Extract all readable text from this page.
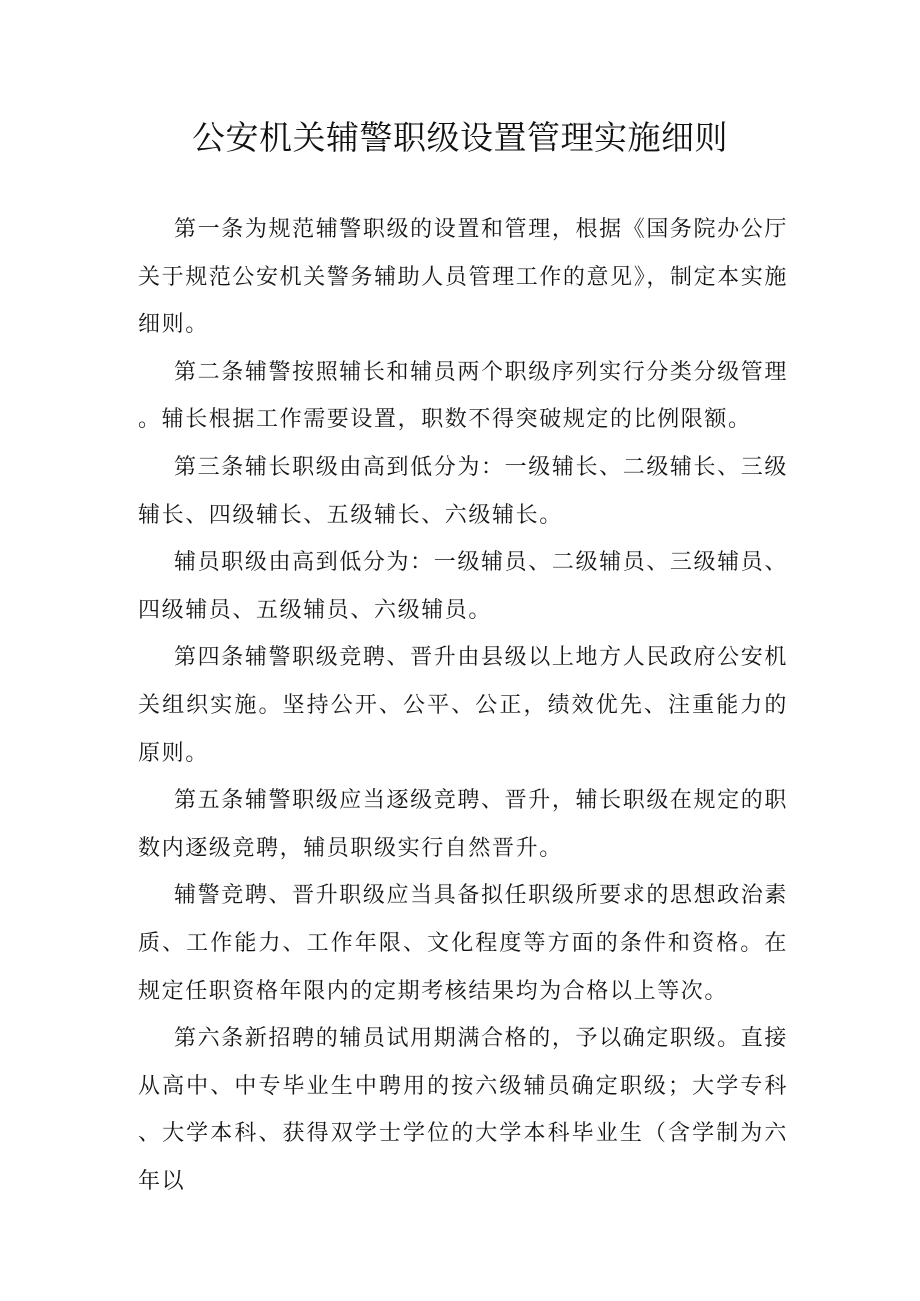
公安机关辅警职级设置管理实施细则

第一条为规范辅警职级的设置和管理，根据《国务院办公厅关于规范公安机关警务辅助人员管理工作的意见》，制定本实施细则。

第二条辅警按照辅长和辅员两个职级序列实行分类分级管理。辅长根据工作需要设置，职数不得突破规定的比例限额。

第三条辅长职级由高到低分为：一级辅长、二级辅长、三级辅长、四级辅长、五级辅长、六级辅长。

辅员职级由高到低分为：一级辅员、二级辅员、三级辅员、四级辅员、五级辅员、六级辅员。

第四条辅警职级竞聘、晋升由县级以上地方人民政府公安机关组织实施。坚持公开、公平、公正，绩效优先、注重能力的原则。

第五条辅警职级应当逐级竞聘、晋升，辅长职级在规定的职数内逐级竞聘，辅员职级实行自然晋升。

辅警竞聘、晋升职级应当具备拟任职级所要求的思想政治素质、工作能力、工作年限、文化程度等方面的条件和资格。在规定任职资格年限内的定期考核结果均为合格以上等次。

第六条新招聘的辅员试用期满合格的，予以确定职级。直接从高中、中专毕业生中聘用的按六级辅员确定职级；大学专科、大学本科、获得双学士学位的大学本科毕业生（含学制为六年以
